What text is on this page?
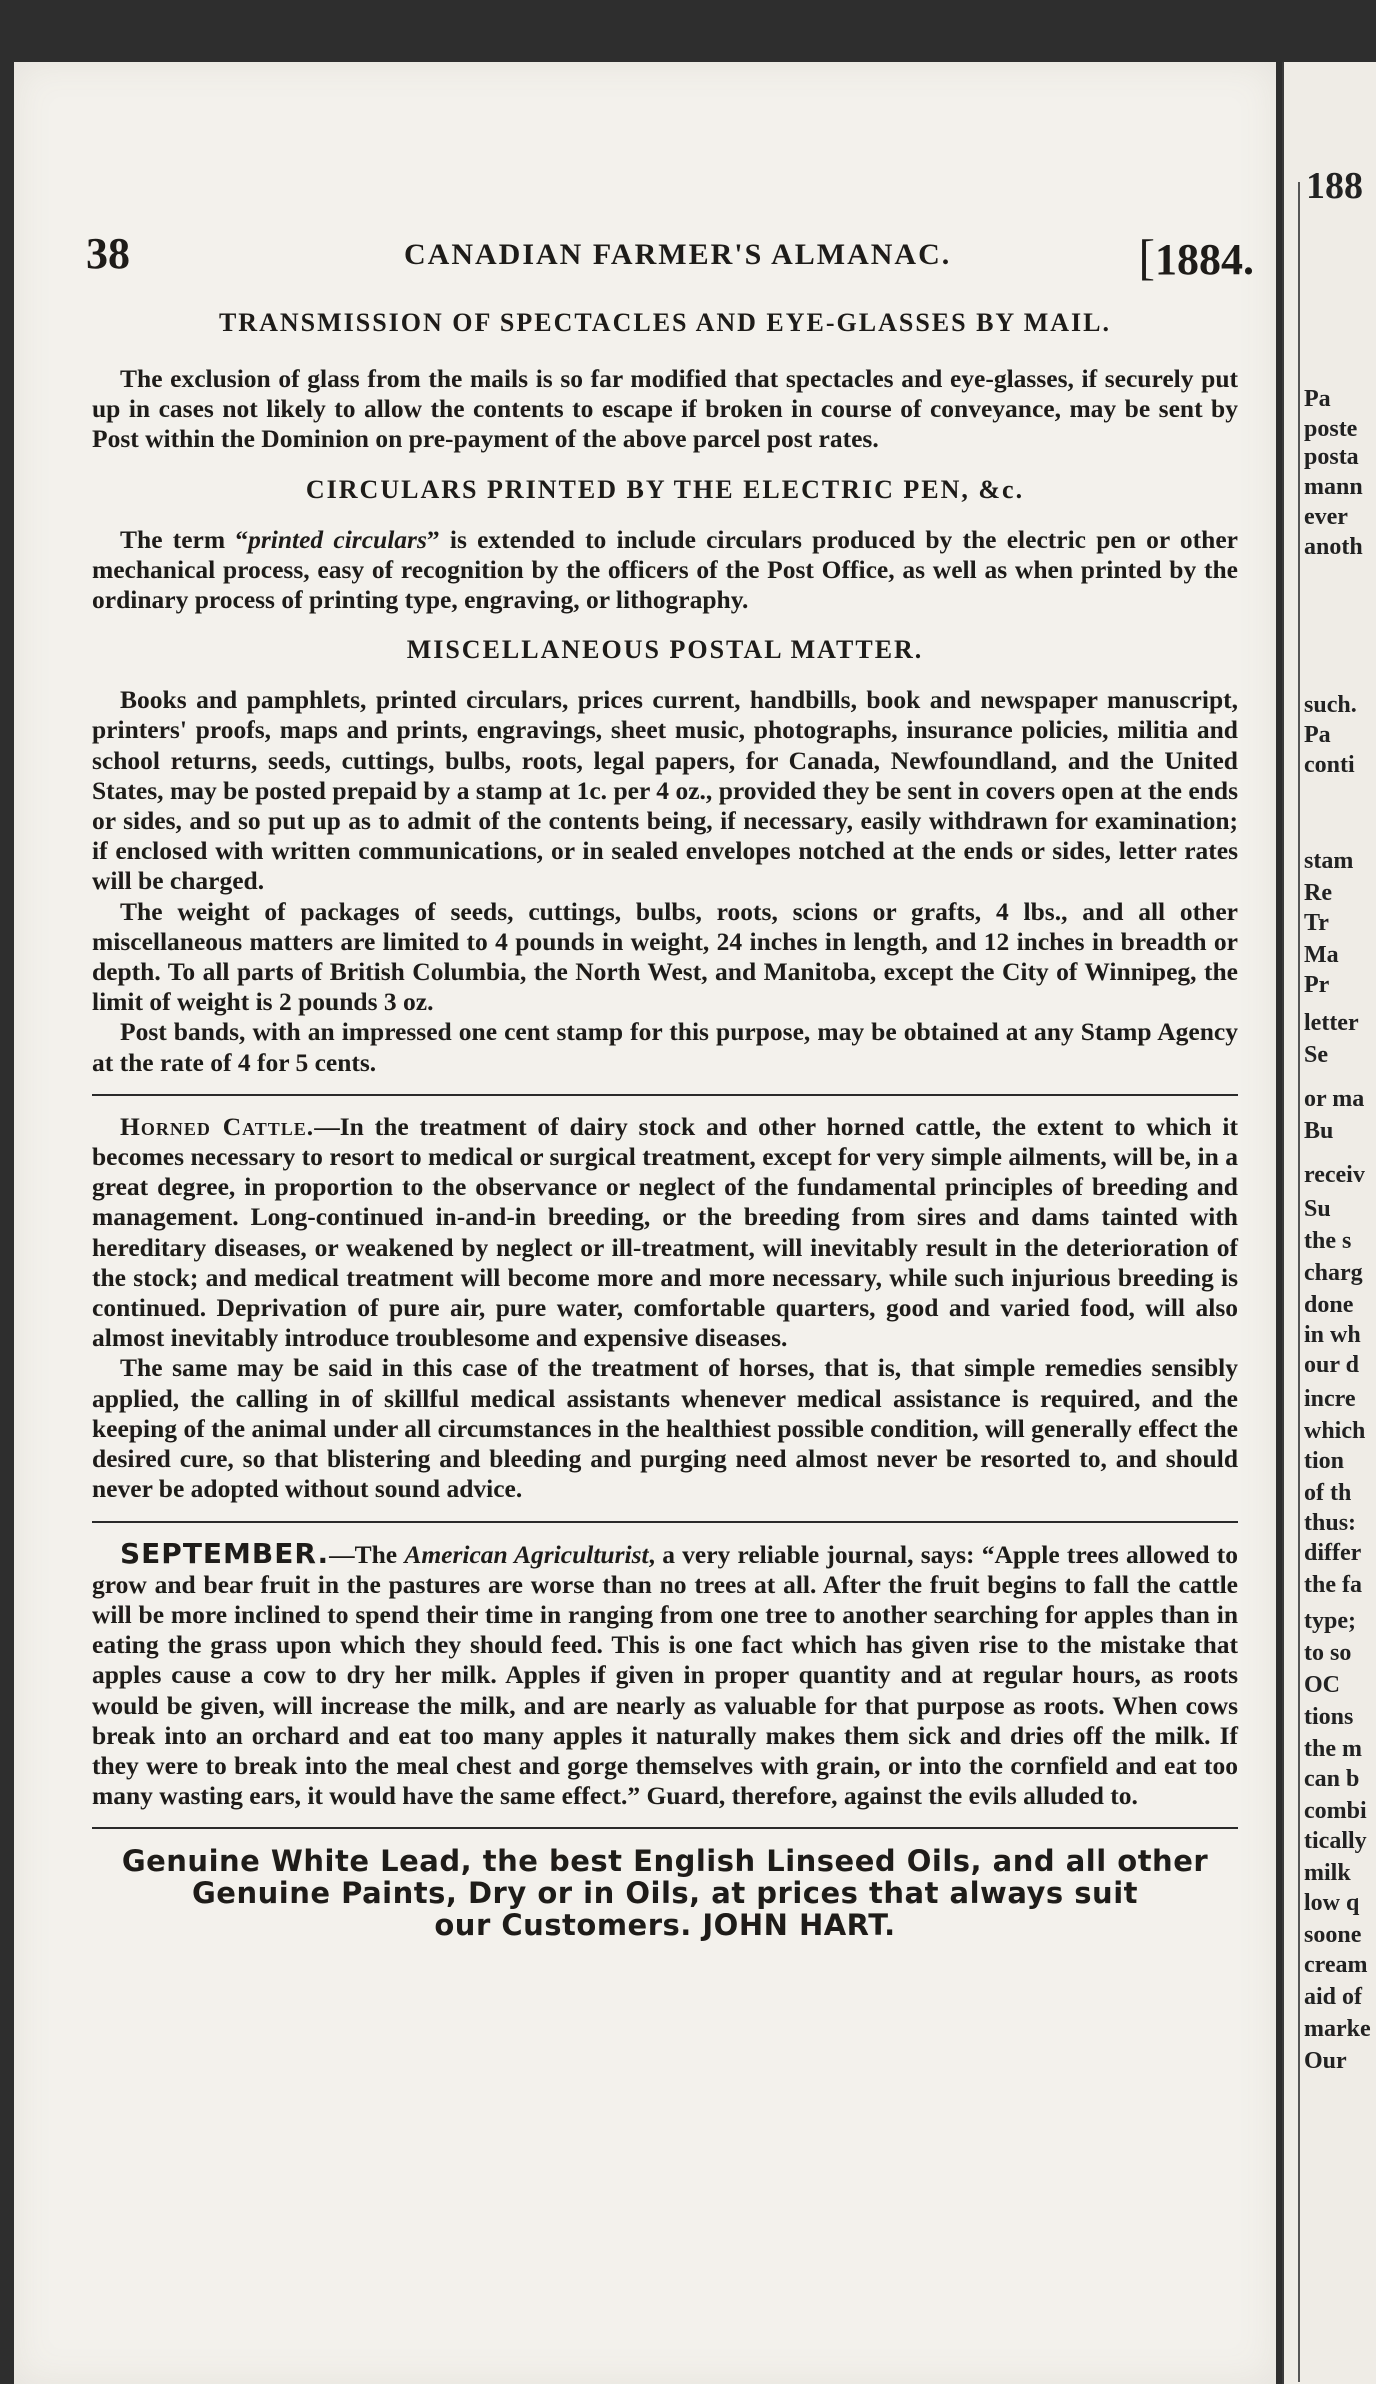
38	CANADIAN FARMER'S ALMANAC.	[1884.
TRANSMISSION OF SPECTACLES AND EYE-GLASSES BY MAIL.

The exclusion of glass from the mails is so far modified that spectacles and eye-glasses, if securely put up in cases not likely to allow the contents to escape if broken in course of conveyance, may be sent by Post within the Dominion on pre-payment of the above parcel post rates.

CIRCULARS PRINTED BY THE ELECTRIC PEN, &c.

The term “printed circulars” is extended to include circulars produced by the electric pen or other mechanical process, easy of recognition by the officers of the Post Office, as well as when printed by the ordinary process of printing type, engraving, or lithography.

MISCELLANEOUS POSTAL MATTER.

Books and pamphlets, printed circulars, prices current, handbills, book and newspaper manuscript, printers' proofs, maps and prints, engravings, sheet music, photographs, insurance policies, militia and school returns, seeds, cuttings, bulbs, roots, legal papers, for Canada, Newfoundland, and the United States, may be posted prepaid by a stamp at 1c. per 4 oz., provided they be sent in covers open at the ends or sides, and so put up as to admit of the contents being, if necessary, easily withdrawn for examination; if enclosed with written communications, or in sealed envelopes notched at the ends or sides, letter rates will be charged.

The weight of packages of seeds, cuttings, bulbs, roots, scions or grafts, 4 lbs., and all other miscellaneous matters are limited to 4 pounds in weight, 24 inches in length, and 12 inches in breadth or depth. To all parts of British Columbia, the North West, and Manitoba, except the City of Winnipeg, the limit of weight is 2 pounds 3 oz.

Post bands, with an impressed one cent stamp for this purpose, may be obtained at any Stamp Agency at the rate of 4 for 5 cents.

Horned Cattle.—In the treatment of dairy stock and other horned cattle, the extent to which it becomes necessary to resort to medical or surgical treatment, except for very simple ailments, will be, in a great degree, in proportion to the observance or neglect of the fundamental principles of breeding and management. Long-continued in-and-in breeding, or the breeding from sires and dams tainted with hereditary diseases, or weakened by neglect or ill-treatment, will inevitably result in the deterioration of the stock; and medical treatment will become more and more necessary, while such injurious breeding is continued. Deprivation of pure air, pure water, comfortable quarters, good and varied food, will also almost inevitably introduce troublesome and expensive diseases.

The same may be said in this case of the treatment of horses, that is, that simple remedies sensibly applied, the calling in of skillful medical assistants whenever medical assistance is required, and the keeping of the animal under all circumstances in the healthiest possible condition, will generally effect the desired cure, so that blistering and bleeding and purging need almost never be resorted to, and should never be adopted without sound advice.

SEPTEMBER.—The American Agriculturist, a very reliable journal, says: “Apple trees allowed to grow and bear fruit in the pastures are worse than no trees at all. After the fruit begins to fall the cattle will be more inclined to spend their time in ranging from one tree to another searching for apples than in eating the grass upon which they should feed. This is one fact which has given rise to the mistake that apples cause a cow to dry her milk. Apples if given in proper quantity and at regular hours, as roots would be given, will increase the milk, and are nearly as valuable for that purpose as roots. When cows break into an orchard and eat too many apples it naturally makes them sick and dries off the milk. If they were to break into the meal chest and gorge themselves with grain, or into the cornfield and eat too many wasting ears, it would have the same effect.” Guard, therefore, against the evils alluded to.

Genuine White Lead, the best English Linseed Oils, and all other
Genuine Paints, Dry or in Oils, at prices that always suit
our Customers. JOHN HART.
188
Pa
poste
posta
mann
ever
anoth
such.
Pa
conti
stam
Re
Tr
Ma
Pr
letter
Se
or ma
Bu
receiv
Su
the s
charg
done
in wh
our d
incre
which
tion
of th
thus:
differ
the fa
type;
to so
OC
tions
the m
can b
combi
tically
milk
low q
soone
cream
aid of
marke
Our
